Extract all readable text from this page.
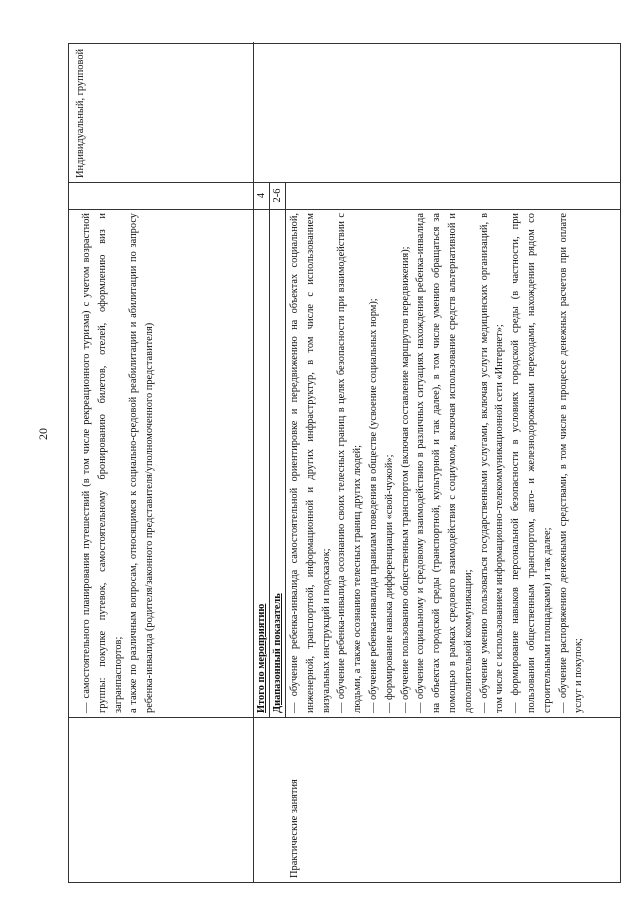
20	— самостоятельного планирования путешествий (в том числе рекреационного туризма) с учетом возрастной группы: покупке путевок, самостоятельному бронированию билетов, отелей, оформлению виз и загранпаспортов; а также по различным вопросам, относящимся к социально-средовой реабилитации и абилитации по запросу ребенка-инвалида (родителя/законного представителя/уполномоченного представителя)	Итого по мероприятию
4
Диапазонный показатель
2-6
Практические занятия
Индивидуальный, групповой

— обучение ребенка-инвалида самостоятельной ориентировке и передвижению на объектах социальной, инженерной, транспортной, информационной и других инфраструктур, в том числе с использованием визуальных инструкций и подсказок; — обучение ребенка-инвалида осознанию своих телесных границ в целях безопасности при взаимодействии с людьми, а также осознанию телесных границ других людей; — обучение ребенка-инвалида правилам поведения в обществе (усвоение социальных норм); — формирование навыка дифференциации «свой-чужой»; — обучение пользованию общественным транспортом (включая составление маршрутов передвижения); — обучение социальному и средовому взаимодействию в различных ситуациях нахождения ребенка-инвалида на объектах городской среды (транспортной, культурной и так далее), в том числе умению обращаться за помощью в рамках средового взаимодействия с социумом, включая использование средств альтернативной и дополнительной коммуникации; — обучение умению пользоваться государственными услугами, включая услуги медицинских организаций, в том числе с использованием информационно-телекоммуникационной сети «Интернет»; — формирование навыков персональной безопасности в условиях городской среды (в частности, при пользовании общественным транспортом, авто- и железнодорожными переходами, нахождении рядом со строительными площадками) и так далее; — обучение распоряжению денежными средствами, в том числе в процессе денежных расчетов при оплате услуг и покупок;
